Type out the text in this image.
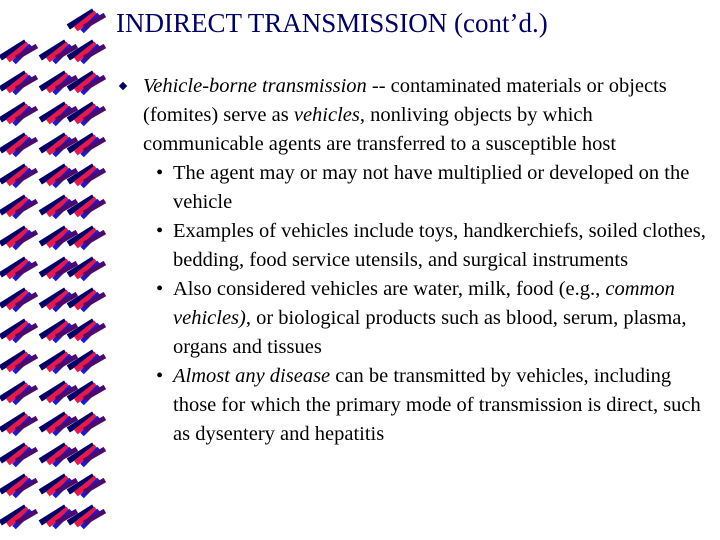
INDIRECT TRANSMISSION (cont’d.)
Vehicle-borne transmission -- contaminated materials or objects (fomites) serve as vehicles, nonliving objects by which communicable agents are transferred to a susceptible host
• The agent may or may not have multiplied or developed on the vehicle
• Examples of vehicles include toys, handkerchiefs, soiled clothes, bedding, food service utensils, and surgical instruments
• Also considered vehicles are water, milk, food (e.g., common vehicles), or biological products such as blood, serum, plasma, organs and tissues
• Almost any disease can be transmitted by vehicles, including those for which the primary mode of transmission is direct, such as dysentery and hepatitis
